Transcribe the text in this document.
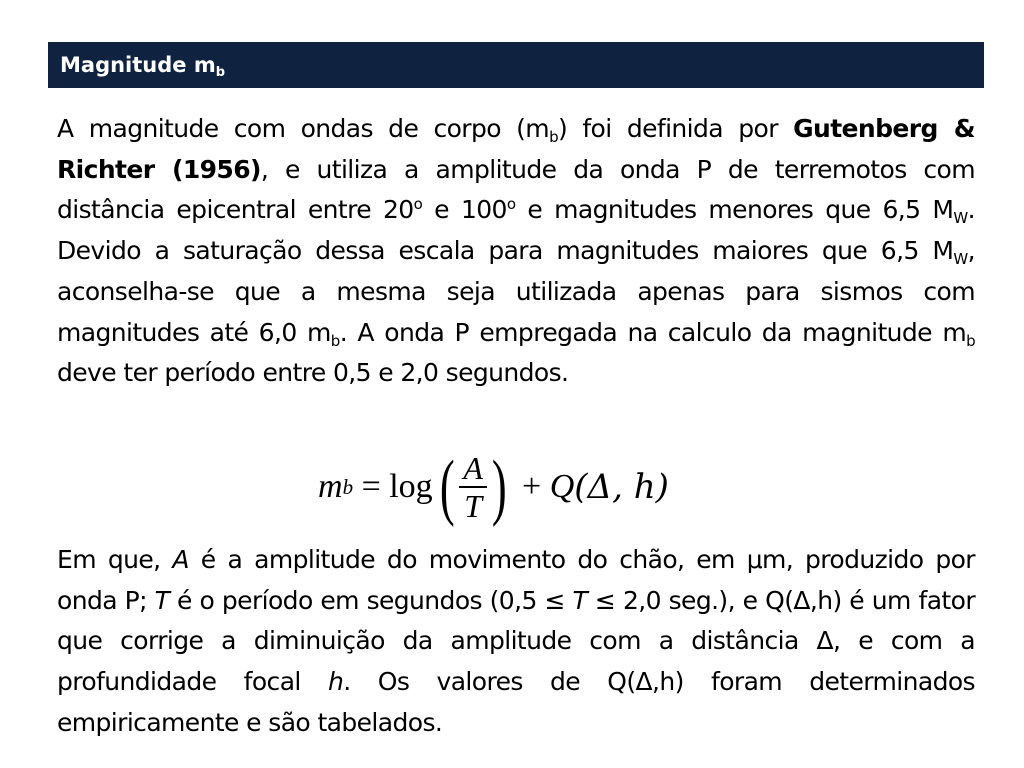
Magnitude $m_b$
A magnitude com ondas de corpo $(m_b)$ foi definida por Gutenberg & Richter (1956), e utiliza a amplitude da onda P de terremotos com distância epicentral entre 20$^o$ e 100$^o$ e magnitudes menores que 6,5 $M_W$. Devido a saturação dessa escala para magnitudes maiores que 6,5 $M_W$, aconselha-se que a mesma seja utilizada apenas para sismos com magnitudes até 6,0 $m_b$. A onda P empregada na calculo da magnitude $m_b$ deve ter período entre 0,5 e 2,0 segundos.
m b = log ( $\frac{A}{T}$ ) + Q (Δ, h)
Em que, A é a amplitude do movimento do chão, em μm, produzido por onda P; T é o período em segundos (0,5 ≤ T ≤ 2,0 seg.), e Q(Δ,h) é um fator que corrige a diminuição da amplitude com a distância Δ, e com a profundidade focal h. Os valores de Q(Δ,h) foram determinados empiricamente e são tabelados.
